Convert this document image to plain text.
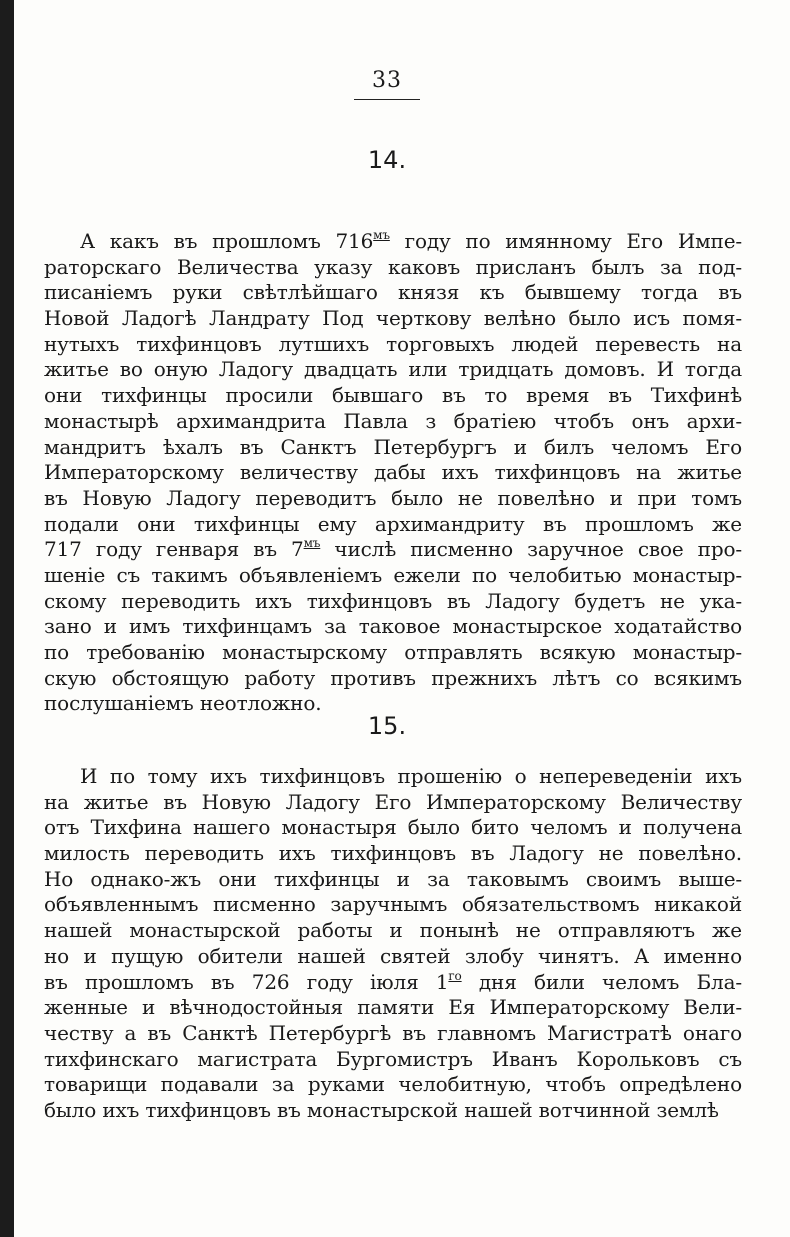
33
14.
А какъ въ прошломъ $716^{мъ}$ году по имянному Его Импе-
раторскаго Величества указу каковъ присланъ былъ за под-
писаніемъ руки свѣтлѣйшаго князя къ бывшему тогда въ
Новой Ладогѣ Ландрату Под черткову велѣно было исъ помя-
нутыхъ тихфинцовъ лутшихъ торговыхъ людей перевесть на
житье во оную Ладогу двадцать или тридцать домовъ. И тогда
они тихфинцы просили бывшаго въ то время въ Тихфинѣ
монастырѣ архимандрита Павла з братіею чтобъ онъ архи-
мандритъ ѣхалъ въ Санктъ Петербургъ и билъ челомъ Его
Императорскому величеству дабы ихъ тихфинцовъ на житье
въ Новую Ладогу переводитъ было не повелѣно и при томъ
подали они тихфинцы ему архимандриту въ прошломъ же
717 году генваря въ $7^{мъ}$ числѣ писменно заручное свое про-
шеніе съ такимъ объявленіемъ ежели по челобитью монастыр-
скому переводить ихъ тихфинцовъ въ Ладогу будетъ не ука-
зано и имъ тихфинцамъ за таковое монастырское ходатайство
по требованію монастырскому отправлять всякую монастыр-
скую обстоящую работу противъ прежнихъ лѣтъ со всякимъ
послушаніемъ неотложно.
15.
И по тому ихъ тихфинцовъ прошенію о непереведеніи ихъ
на житье въ Новую Ладогу Его Императорскому Величеству
отъ Тихфина нашего монастыря было бито челомъ и получена
милость переводить ихъ тихфинцовъ въ Ладогу не повелѣно.
Но однако-жъ они тихфинцы и за таковымъ своимъ выше-
объявленнымъ писменно заручнымъ обязательствомъ никакой
нашей монастырской работы и понынѣ не отправляютъ же
но и пущую обители нашей святей злобу чинятъ. А именно
въ прошломъ въ 726 году іюля $1^{го}$ дня били челомъ Бла-
женные и вѣчнодостойныя памяти Ея Императорскому Вели-
честву а въ Санктѣ Петербургѣ въ главномъ Магистратѣ онаго
тихфинскаго магистрата Бургомистръ Иванъ Корольковъ съ
товарищи подавали за руками челобитную, чтобъ опредѣлено
было ихъ тихфинцовъ въ монастырской нашей вотчинной землѣ
